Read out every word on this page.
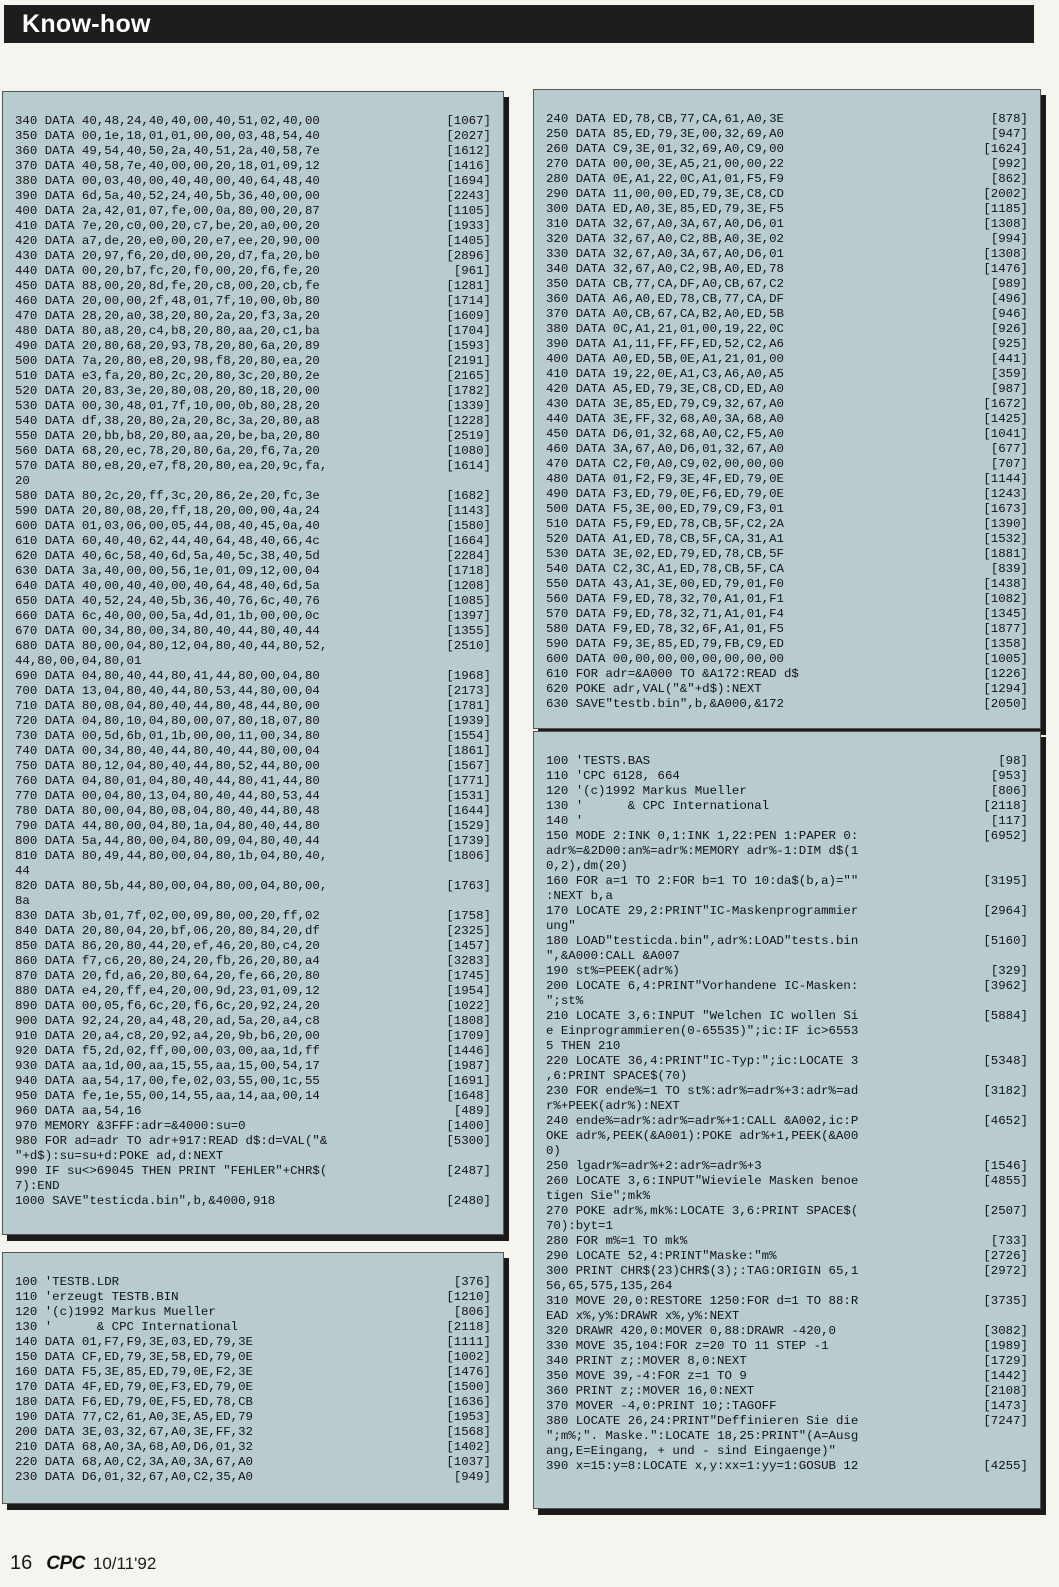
Know-how
340 DATA 40,48,24,40,40,00,40,51,02,40,00	[1067]
350 DATA 00,1e,18,01,01,00,00,03,48,54,40	[2027]
360 DATA 49,54,40,50,2a,40,51,2a,40,58,7e	[1612]
370 DATA 40,58,7e,40,00,00,20,18,01,09,12	[1416]
380 DATA 00,03,40,00,40,40,00,40,64,48,40	[1694]
390 DATA 6d,5a,40,52,24,40,5b,36,40,00,00	[2243]
400 DATA 2a,42,01,07,fe,00,0a,80,00,20,87	[1105]
410 DATA 7e,20,c0,00,20,c7,be,20,a0,00,20	[1933]
420 DATA a7,de,20,e0,00,20,e7,ee,20,90,00	[1405]
430 DATA 20,97,f6,20,d0,00,20,d7,fa,20,b0	[2896]
440 DATA 00,20,b7,fc,20,f0,00,20,f6,fe,20	[961]
450 DATA 88,00,20,8d,fe,20,c8,00,20,cb,fe	[1281]
460 DATA 20,00,00,2f,48,01,7f,10,00,0b,80	[1714]
470 DATA 28,20,a0,38,20,80,2a,20,f3,3a,20	[1609]
480 DATA 80,a8,20,c4,b8,20,80,aa,20,c1,ba	[1704]
490 DATA 20,80,68,20,93,78,20,80,6a,20,89	[1593]
500 DATA 7a,20,80,e8,20,98,f8,20,80,ea,20	[2191]
510 DATA e3,fa,20,80,2c,20,80,3c,20,80,2e	[2165]
520 DATA 20,83,3e,20,80,08,20,80,18,20,00	[1782]
530 DATA 00,30,48,01,7f,10,00,0b,80,28,20	[1339]
540 DATA df,38,20,80,2a,20,8c,3a,20,80,a8	[1228]
550 DATA 20,bb,b8,20,80,aa,20,be,ba,20,80	[2519]
560 DATA 68,20,ec,78,20,80,6a,20,f6,7a,20	[1080]
570 DATA 80,e8,20,e7,f8,20,80,ea,20,9c,fa,	[1614]
20
580 DATA 80,2c,20,ff,3c,20,86,2e,20,fc,3e	[1682]
590 DATA 20,80,08,20,ff,18,20,00,00,4a,24	[1143]
600 DATA 01,03,06,00,05,44,08,40,45,0a,40	[1580]
610 DATA 60,40,40,62,44,40,64,48,40,66,4c	[1664]
620 DATA 40,6c,58,40,6d,5a,40,5c,38,40,5d	[2284]
630 DATA 3a,40,00,00,56,1e,01,09,12,00,04	[1718]
640 DATA 40,00,40,40,00,40,64,48,40,6d,5a	[1208]
650 DATA 40,52,24,40,5b,36,40,76,6c,40,76	[1085]
660 DATA 6c,40,00,00,5a,4d,01,1b,00,00,0c	[1397]
670 DATA 00,34,80,00,34,80,40,44,80,40,44	[1355]
680 DATA 80,00,04,80,12,04,80,40,44,80,52,	[2510]
44,80,00,04,80,01
690 DATA 04,80,40,44,80,41,44,80,00,04,80	[1968]
700 DATA 13,04,80,40,44,80,53,44,80,00,04	[2173]
710 DATA 80,08,04,80,40,44,80,48,44,80,00	[1781]
720 DATA 04,80,10,04,80,00,07,80,18,07,80	[1939]
730 DATA 00,5d,6b,01,1b,00,00,11,00,34,80	[1554]
740 DATA 00,34,80,40,44,80,40,44,80,00,04	[1861]
750 DATA 80,12,04,80,40,44,80,52,44,80,00	[1567]
760 DATA 04,80,01,04,80,40,44,80,41,44,80	[1771]
770 DATA 00,04,80,13,04,80,40,44,80,53,44	[1531]
780 DATA 80,00,04,80,08,04,80,40,44,80,48	[1644]
790 DATA 44,80,00,04,80,1a,04,80,40,44,80	[1529]
800 DATA 5a,44,80,00,04,80,09,04,80,40,44	[1739]
810 DATA 80,49,44,80,00,04,80,1b,04,80,40,	[1806]
44
820 DATA 80,5b,44,80,00,04,80,00,04,80,00,	[1763]
8a
830 DATA 3b,01,7f,02,00,09,80,00,20,ff,02	[1758]
840 DATA 20,80,04,20,bf,06,20,80,84,20,df	[2325]
850 DATA 86,20,80,44,20,ef,46,20,80,c4,20	[1457]
860 DATA f7,c6,20,80,24,20,fb,26,20,80,a4	[3283]
870 DATA 20,fd,a6,20,80,64,20,fe,66,20,80	[1745]
880 DATA e4,20,ff,e4,20,00,9d,23,01,09,12	[1954]
890 DATA 00,05,f6,6c,20,f6,6c,20,92,24,20	[1022]
900 DATA 92,24,20,a4,48,20,ad,5a,20,a4,c8	[1808]
910 DATA 20,a4,c8,20,92,a4,20,9b,b6,20,00	[1709]
920 DATA f5,2d,02,ff,00,00,03,00,aa,1d,ff	[1446]
930 DATA aa,1d,00,aa,15,55,aa,15,00,54,17	[1987]
940 DATA aa,54,17,00,fe,02,03,55,00,1c,55	[1691]
950 DATA fe,1e,55,00,14,55,aa,14,aa,00,14	[1648]
960 DATA aa,54,16	[489]
970 MEMORY &3FFF:adr=&4000:su=0	[1400]
980 FOR ad=adr TO adr+917:READ d$:d=VAL("&	[5300]
"+d$):su=su+d:POKE ad,d:NEXT
990 IF su<>69045 THEN PRINT "FEHLER"+CHR$(	[2487]
7):END
1000 SAVE"testicda.bin",b,&4000,918	[2480]
100 'TESTB.LDR	[376]
110 'erzeugt TESTB.BIN	[1210]
120 '(c)1992 Markus Mueller	[806]
130 '      & CPC International	[2118]
140 DATA 01,F7,F9,3E,03,ED,79,3E	[1111]
150 DATA CF,ED,79,3E,58,ED,79,0E	[1002]
160 DATA F5,3E,85,ED,79,0E,F2,3E	[1476]
170 DATA 4F,ED,79,0E,F3,ED,79,0E	[1500]
180 DATA F6,ED,79,0E,F5,ED,78,CB	[1636]
190 DATA 77,C2,61,A0,3E,A5,ED,79	[1953]
200 DATA 3E,03,32,67,A0,3E,FF,32	[1568]
210 DATA 68,A0,3A,68,A0,D6,01,32	[1402]
220 DATA 68,A0,C2,3A,A0,3A,67,A0	[1037]
230 DATA D6,01,32,67,A0,C2,35,A0	[949]
240 DATA ED,78,CB,77,CA,61,A0,3E	[878]
250 DATA 85,ED,79,3E,00,32,69,A0	[947]
260 DATA C9,3E,01,32,69,A0,C9,00	[1624]
270 DATA 00,00,3E,A5,21,00,00,22	[992]
280 DATA 0E,A1,22,0C,A1,01,F5,F9	[862]
290 DATA 11,00,00,ED,79,3E,C8,CD	[2002]
300 DATA ED,A0,3E,85,ED,79,3E,F5	[1185]
310 DATA 32,67,A0,3A,67,A0,D6,01	[1308]
320 DATA 32,67,A0,C2,8B,A0,3E,02	[994]
330 DATA 32,67,A0,3A,67,A0,D6,01	[1308]
340 DATA 32,67,A0,C2,9B,A0,ED,78	[1476]
350 DATA CB,77,CA,DF,A0,CB,67,C2	[989]
360 DATA A6,A0,ED,78,CB,77,CA,DF	[496]
370 DATA A0,CB,67,CA,B2,A0,ED,5B	[946]
380 DATA 0C,A1,21,01,00,19,22,0C	[926]
390 DATA A1,11,FF,FF,ED,52,C2,A6	[925]
400 DATA A0,ED,5B,0E,A1,21,01,00	[441]
410 DATA 19,22,0E,A1,C3,A6,A0,A5	[359]
420 DATA A5,ED,79,3E,C8,CD,ED,A0	[987]
430 DATA 3E,85,ED,79,C9,32,67,A0	[1672]
440 DATA 3E,FF,32,68,A0,3A,68,A0	[1425]
450 DATA D6,01,32,68,A0,C2,F5,A0	[1041]
460 DATA 3A,67,A0,D6,01,32,67,A0	[677]
470 DATA C2,F0,A0,C9,02,00,00,00	[707]
480 DATA 01,F2,F9,3E,4F,ED,79,0E	[1144]
490 DATA F3,ED,79,0E,F6,ED,79,0E	[1243]
500 DATA F5,3E,00,ED,79,C9,F3,01	[1673]
510 DATA F5,F9,ED,78,CB,5F,C2,2A	[1390]
520 DATA A1,ED,78,CB,5F,CA,31,A1	[1532]
530 DATA 3E,02,ED,79,ED,78,CB,5F	[1881]
540 DATA C2,3C,A1,ED,78,CB,5F,CA	[839]
550 DATA 43,A1,3E,00,ED,79,01,F0	[1438]
560 DATA F9,ED,78,32,70,A1,01,F1	[1082]
570 DATA F9,ED,78,32,71,A1,01,F4	[1345]
580 DATA F9,ED,78,32,6F,A1,01,F5	[1877]
590 DATA F9,3E,85,ED,79,FB,C9,ED	[1358]
600 DATA 00,00,00,00,00,00,00,00	[1005]
610 FOR adr=&A000 TO &A172:READ d$	[1226]
620 POKE adr,VAL("&"+d$):NEXT	[1294]
630 SAVE"testb.bin",b,&A000,&172	[2050]
100 'TESTS.BAS	[98]
110 'CPC 6128, 664	[953]
120 '(c)1992 Markus Mueller	[806]
130 '      & CPC International	[2118]
140 '	[117]
150 MODE 2:INK 0,1:INK 1,22:PEN 1:PAPER 0:	[6952]
adr%=&2D00:an%=adr%:MEMORY adr%-1:DIM d$(1
0,2),dm(20)
160 FOR a=1 TO 2:FOR b=1 TO 10:da$(b,a)=""	[3195]
:NEXT b,a
170 LOCATE 29,2:PRINT"IC-Maskenprogrammier	[2964]
ung"
180 LOAD"testicda.bin",adr%:LOAD"tests.bin	[5160]
",&A000:CALL &A007
190 st%=PEEK(adr%)	[329]
200 LOCATE 6,4:PRINT"Vorhandene IC-Masken:	[3962]
";st%
210 LOCATE 3,6:INPUT "Welchen IC wollen Si	[5884]
e Einprogrammieren(0-65535)";ic:IF ic>6553
5 THEN 210
220 LOCATE 36,4:PRINT"IC-Typ:";ic:LOCATE 3	[5348]
,6:PRINT SPACE$(70)
230 FOR ende%=1 TO st%:adr%=adr%+3:adr%=ad	[3182]
r%+PEEK(adr%):NEXT
240 ende%=adr%:adr%=adr%+1:CALL &A002,ic:P	[4652]
OKE adr%,PEEK(&A001):POKE adr%+1,PEEK(&A00
0)
250 lgadr%=adr%+2:adr%=adr%+3	[1546]
260 LOCATE 3,6:INPUT"Wieviele Masken benoe	[4855]
tigen Sie";mk%
270 POKE adr%,mk%:LOCATE 3,6:PRINT SPACE$(	[2507]
70):byt=1
280 FOR m%=1 TO mk%	[733]
290 LOCATE 52,4:PRINT"Maske:"m%	[2726]
300 PRINT CHR$(23)CHR$(3);:TAG:ORIGIN 65,1	[2972]
56,65,575,135,264
310 MOVE 20,0:RESTORE 1250:FOR d=1 TO 88:R	[3735]
EAD x%,y%:DRAWR x%,y%:NEXT
320 DRAWR 420,0:MOVER 0,88:DRAWR -420,0	[3082]
330 MOVE 35,104:FOR z=20 TO 11 STEP -1	[1989]
340 PRINT z;:MOVER 8,0:NEXT	[1729]
350 MOVE 39,-4:FOR z=1 TO 9	[1442]
360 PRINT z;:MOVER 16,0:NEXT	[2108]
370 MOVER -4,0:PRINT 10;:TAGOFF	[1473]
380 LOCATE 26,24:PRINT"Deffinieren Sie die	[7247]
";m%;". Maske.":LOCATE 18,25:PRINT"(A=Ausg
ang,E=Eingang, + und - sind Eingaenge)"
390 x=15:y=8:LOCATE x,y:xx=1:yy=1:GOSUB 12	[4255]
16 CPC 10/11'92
